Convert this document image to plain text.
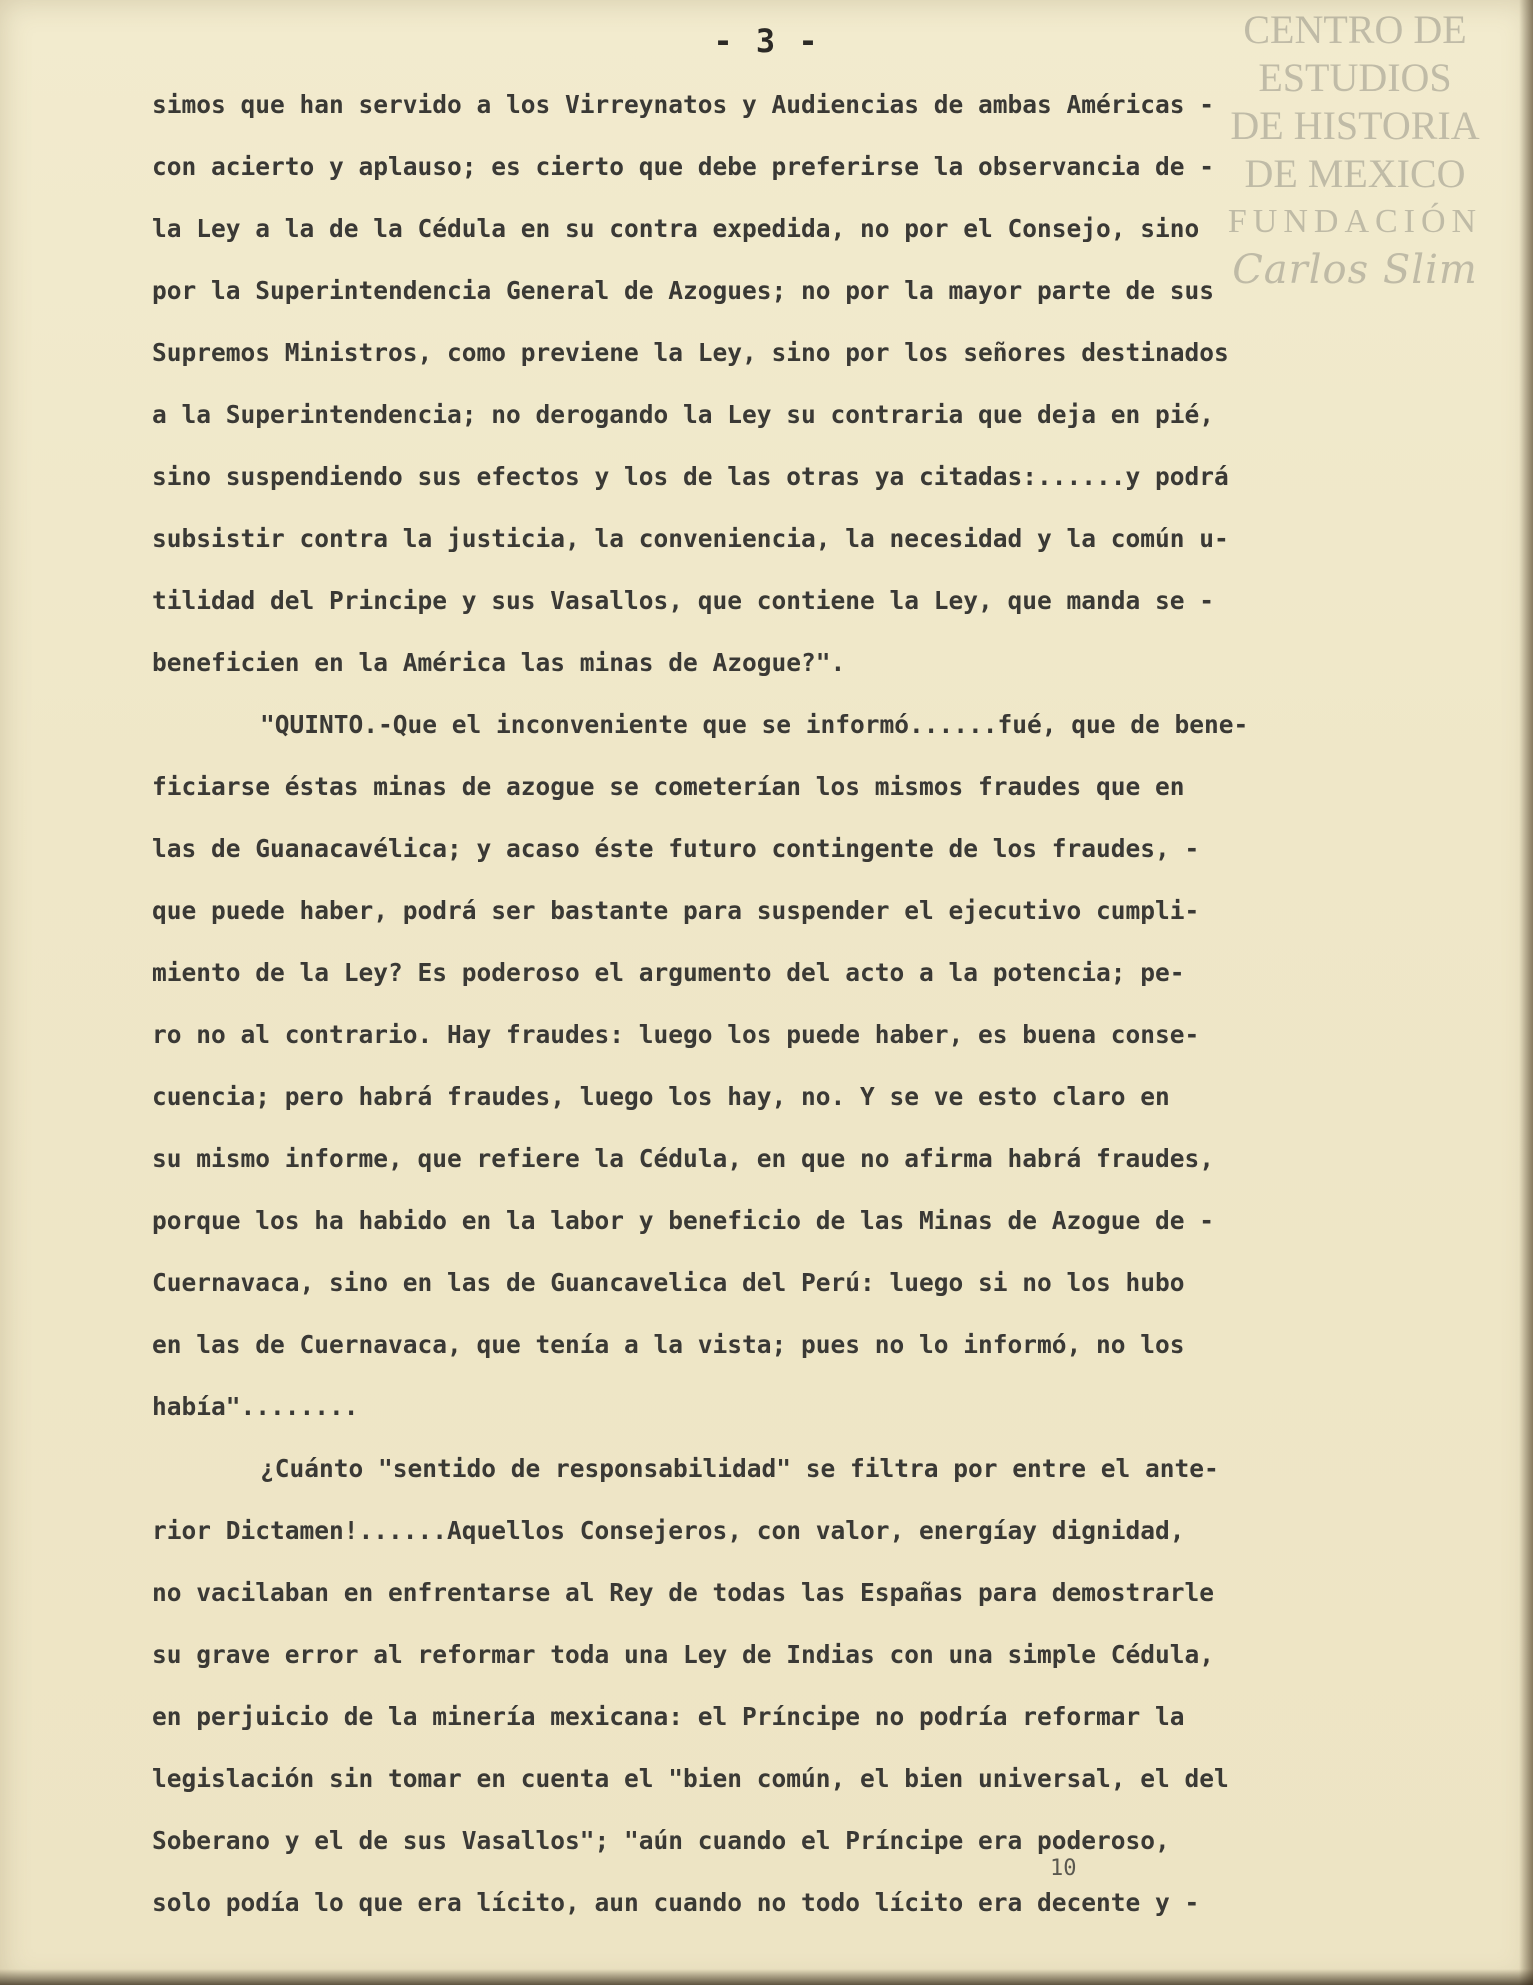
- 3 -	CENTRO DE
ESTUDIOS
DE HISTORIA
DE MEXICO
FUNDACIÓN
Carlos Slim
simos que han servido a los Virreynatos y Audiencias de ambas Américas -
con acierto y aplauso; es cierto que debe preferirse la observancia de -
la Ley a la de la Cédula en su contra expedida, no por el Consejo, sino
por la Superintendencia General de Azogues; no por la mayor parte de sus
Supremos Ministros, como previene la Ley, sino por los señores destinados
a la Superintendencia; no derogando la Ley su contraria que deja en pié,
sino suspendiendo sus efectos y los de las otras ya citadas:......y podrá
subsistir contra la justicia, la conveniencia, la necesidad y la común u-
tilidad del Principe y sus Vasallos, que contiene la Ley, que manda se -
beneficien en la América las minas de Azogue?".
"QUINTO.-Que el inconveniente que se informó......fué, que de bene-
ficiarse éstas minas de azogue se cometerían los mismos fraudes que en
las de Guanacavélica; y acaso éste futuro contingente de los fraudes, -
que puede haber, podrá ser bastante para suspender el ejecutivo cumpli-
miento de la Ley? Es poderoso el argumento del acto a la potencia; pe-
ro no al contrario. Hay fraudes: luego los puede haber, es buena conse-
cuencia; pero habrá fraudes, luego los hay, no. Y se ve esto claro en
su mismo informe, que refiere la Cédula, en que no afirma habrá fraudes,
porque los ha habido en la labor y beneficio de las Minas de Azogue de -
Cuernavaca, sino en las de Guancavelica del Perú: luego si no los hubo
en las de Cuernavaca, que tenía a la vista; pues no lo informó, no los
había"........
¿Cuánto "sentido de responsabilidad" se filtra por entre el ante-
rior Dictamen!......Aquellos Consejeros, con valor, energíay dignidad,
no vacilaban en enfrentarse al Rey de todas las Españas para demostrarle
su grave error al reformar toda una Ley de Indias con una simple Cédula,
en perjuicio de la minería mexicana: el Príncipe no podría reformar la
legislación sin tomar en cuenta el "bien común, el bien universal, el del
Soberano y el de sus Vasallos"; "aún cuando el Príncipe era poderoso,
solo podía lo que era lícito, aun cuando no todo lícito era decente y -
10
